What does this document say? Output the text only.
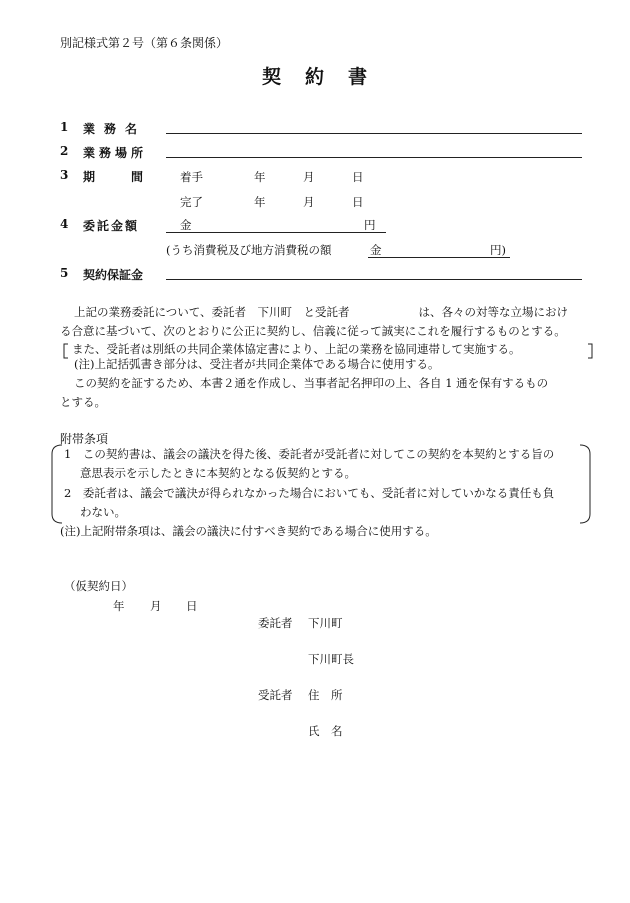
別記様式第２号（第６条関係）
契約書
1 業務名
2 業務場所
3 期間 着手	年	月	日
完了	年	月	日
4 委託金額	金	円
(うち消費税及び地方消費税の額	金	円)
5 契約保証金
上記の業務委託について、委託者　下川町　と受託者　　　　　　は、各々の対等な立場におけ
る合意に基づいて、次のとおりに公正に契約し、信義に従って誠実にこれを履行するものとする。
また、受託者は別紙の共同企業体協定書により、上記の業務を協同連帯して実施する。
(注)上記括弧書き部分は、受注者が共同企業体である場合に使用する。
この契約を証するため、本書２通を作成し、当事者記名押印の上、各自 1 通を保有するもの
とする。
附帯条項
1　この契約書は、議会の議決を得た後、委託者が受託者に対してこの契約を本契約とする旨の
意思表示を示したときに本契約となる仮契約とする。
2　委託者は、議会で議決が得られなかった場合においても、受託者に対していかなる責任も負
わない。
(注)上記附帯条項は、議会の議決に付すべき契約である場合に使用する。
（仮契約日）
年 月 日
委託者 下川町
下川町長
受託者 住　所
氏　名
